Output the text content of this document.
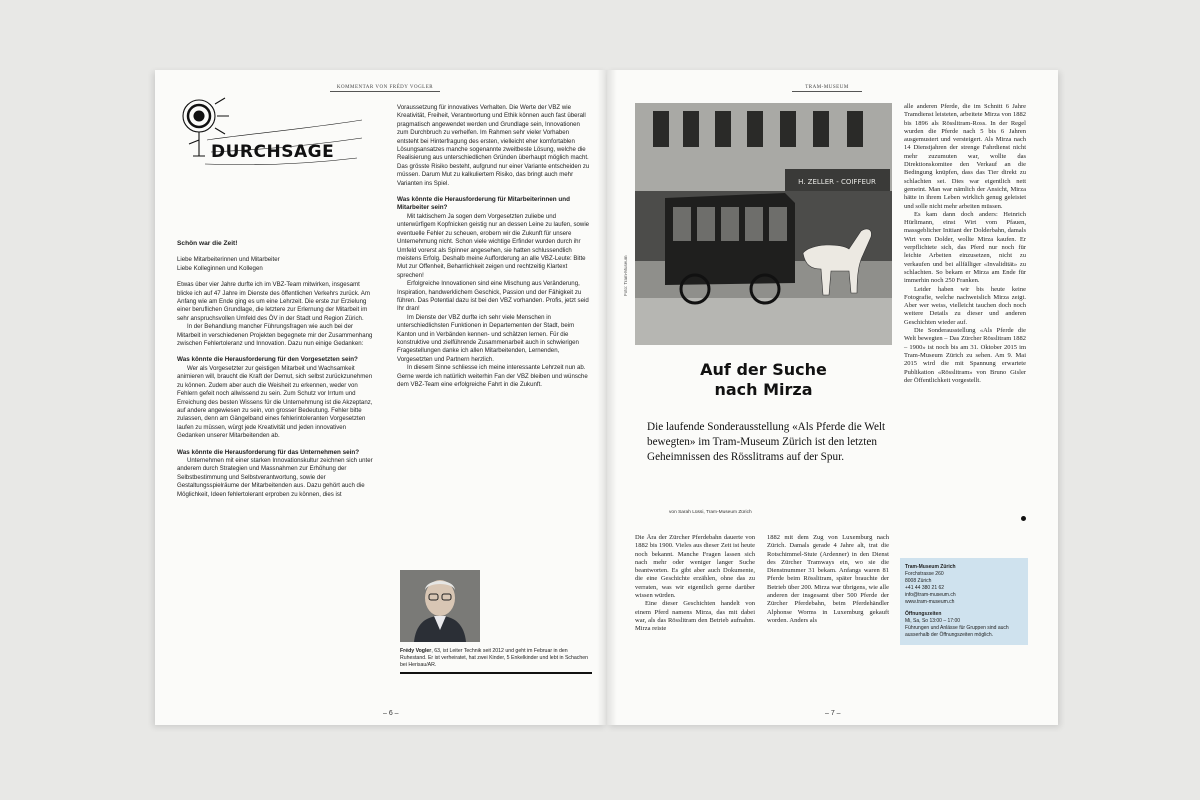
KOMMENTAR VON FRÉDY VOGLER
DURCHSAGE

Schön war die Zeit!

Liebe Mitarbeiterinnen und Mitarbeiter

Liebe Kolleginnen und Kollegen

Etwas über vier Jahre durfte ich im VBZ-Team mitwirken, insgesamt blicke ich auf 47 Jahre im Dienste des öffentlichen Verkehrs zurück. Am Anfang wie am Ende ging es um eine Lehrzeit. Die erste zur Erzielung einer beruflichen Grundlage, die letztere zur Erlernung der Mitarbeit im sehr anspruchsvollen Umfeld des ÖV in der Stadt und Region Zürich.

In der Behandlung mancher Führungsfragen wie auch bei der Mitarbeit in verschiedenen Projekten begegnete mir der Zusammenhang zwischen Fehlertoleranz und Innovation. Dazu nun einige Gedanken:

Was könnte die Herausforderung für den Vorgesetzten sein?

Wer als Vorgesetzter zur geistigen Mitarbeit und Wachsamkeit animieren will, braucht die Kraft der Demut, sich selbst zurückzunehmen zu können. Zudem aber auch die Weisheit zu erkennen, weder von Fehlern gefeit noch allwissend zu sein. Zum Schutz vor Irrtum und Erreichung des besten Wissens für die Unternehmung ist die Akzeptanz, auf andere angewiesen zu sein, von grosser Bedeutung. Fehler bitte zulassen, denn am Gängelband eines fehlerintoleranten Vorgesetzten laufen zu müssen, würgt jede Kreativität und jeden innovativen Gedanken unserer Mitarbeitenden ab.

Was könnte die Herausforderung für das Unternehmen sein?

Unternehmen mit einer starken Innovationskultur zeichnen sich unter anderem durch Strategien und Massnahmen zur Erhöhung der Selbstbestimmung und Selbstverantwortung, sowie der Gestaltungsspielräume der Mitarbeitenden aus. Dazu gehört auch die Möglichkeit, Ideen fehlertolerant erproben zu können, dies ist

Voraussetzung für innovatives Verhalten. Die Werte der VBZ wie Kreativität, Freiheit, Verantwortung und Ethik können auch fast überall pragmatisch angewendet werden und Grundlage sein, Innovationen zum Durchbruch zu verhelfen. Im Rahmen sehr vieler Vorhaben entsteht bei Hinterfragung des ersten, vielleicht eher komfortablen Lösungsansatzes manche sogenannte zweitbeste Lösung, welche die Realisierung aus unterschiedlichen Gründen überhaupt möglich macht. Das grösste Risiko besteht, aufgrund nur einer Variante entscheiden zu müssen. Darum Mut zu kalkuliertem Risiko, das bringt auch mehr Varianten ins Spiel.

Was könnte die Herausforderung für Mitarbeiterinnen und Mitarbeiter sein?

Mit taktischem Ja sogen dem Vorgesetzten zuliebe und unterwürfigem Kopfnicken geistig nur an dessen Leine zu laufen, sowie eventuelle Fehler zu scheuen, erobern wir die Zukunft für unsere Unternehmung nicht. Schon viele wichtige Erfinder wurden durch ihr Umfeld vorerst als Spinner angesehen, sie hatten schlussendlich meistens Erfolg. Deshalb meine Aufforderung an alle VBZ-Leute: Bitte Mut zur Offenheit, Beharrlichkeit zeigen und rechtzeitig Klartext sprechen!

Erfolgreiche Innovationen sind eine Mischung aus Veränderung, Inspiration, handwerklichem Geschick, Passion und der Fähigkeit zu führen. Das Potential dazu ist bei den VBZ vorhanden. Profis, jetzt seid Ihr dran!

Im Dienste der VBZ durfte ich sehr viele Menschen in unterschiedlichsten Funktionen in Departementen der Stadt, beim Kanton und in Verbänden kennen- und schätzen lernen. Für die konstruktive und zielführende Zusammenarbeit auch in schwierigen Fragestellungen danke ich allen Mitarbeitenden, Lernenden, Vorgesetzten und Partnern herzlich.

In diesem Sinne schliesse ich meine interessante Lehrzeit nun ab. Gerne werde ich natürlich weiterhin Fan der VBZ bleiben und wünsche dem VBZ-Team eine erfolgreiche Fahrt in die Zukunft.

Frédy Vogler, 63, ist Leiter Technik seit 2012 und geht im Februar in den Ruhestand. Er ist verheiratet, hat zwei Kinder, 5 Enkelkinder und lebt in Schachen bei Herisau/AR.
– 6 –
TRAM-MUSEUM
H. ZELLER - COIFFEUR
Foto: Tram-Museum
Auf der Suche
nach Mirza
Die laufende Sonderausstellung «Als Pferde die Welt bewegten» im Tram-Museum Zürich ist den letzten Geheimnissen des Rösslitrams auf der Spur.
von Sarah Lüssi, Tram-Museum Zürich

Die Ära der Zürcher Pferdebahn dauerte von 1882 bis 1900. Vieles aus dieser Zeit ist heute noch bekannt. Manche Fragen lassen sich nach mehr oder weniger langer Suche beantworten. Es gibt aber auch Dokumente, die eine Geschichte erzählen, ohne das zu verraten, was wir eigentlich gerne darüber wissen würden.

Eine dieser Geschichten handelt von einem Pferd namens Mirza, das mit dabei war, als das Rösslitram den Betrieb aufnahm. Mirza reiste

1882 mit dem Zug von Luxemburg nach Zürich. Damals gerade 4 Jahre alt, trat die Rotschimmel-Stute (Ardenner) in den Dienst des Zürcher Tramways ein, wo sie die Dienstnummer 31 bekam. Anfangs waren 81 Pferde beim Rösslitram, später brauchte der Betrieb über 200. Mirza war übrigens, wie alle anderen der insgesamt über 500 Pferde der Zürcher Pferdebahn, beim Pferdehändler Alphonse Worms in Luxemburg gekauft worden. Anders als

alle anderen Pferde, die im Schnitt 6 Jahre Tramdienst leisteten, arbeitete Mirza von 1882 bis 1896 als Rösslitram-Ross. In der Regel wurden die Pferde nach 5 bis 6 Jahren ausgemustert und versteigert. Als Mirza nach 14 Dienstjahren der strenge Fahrdienst nicht mehr zuzumuten war, wollte das Direktionskomitee den Verkauf an die Bedingung knüpfen, dass das Tier direkt zu schlachten sei. Dies war eigentlich nett gemeint. Man war nämlich der Ansicht, Mirza hätte in ihrem Leben wirklich genug geleistet und solle nicht mehr arbeiten müssen.

Es kam dann doch anders: Heinrich Hürlimann, einst Wirt vom Pfauen, massgeblicher Initiant der Dolderbahn, damals Wirt vom Dolder, wollte Mirza kaufen. Er verpflichtete sich, das Pferd nur noch für leichte Arbeiten einzusetzen, nicht zu verkaufen und bei allfälliger «Invalidität» zu schlachten. So bekam er Mirza am Ende für immerhin noch 250 Franken.

Leider haben wir bis heute keine Fotografie, welche nachweislich Mirza zeigt. Aber wer weiss, vielleicht tauchen doch noch weitere Details zu dieser und anderen Geschichten wieder auf.

Die Sonderausstellung «Als Pferde die Welt bewegten – Das Zürcher Rösslitram 1882 – 1900» ist noch bis am 31. Oktober 2015 im Tram-Museum Zürich zu sehen. Am 9. Mai 2015 wird die mit Spannung erwartete Publikation «Rösslitram» von Bruno Gisler der Öffentlichkeit vorgestellt.

Tram-Museum Zürich
Forchstrasse 260
8008 Zürich
+41 44 380 21 62
info@tram-museum.ch
www.tram-museum.ch
Öffnungszeiten
Mi, Sa, So 13:00 – 17:00
Führungen und Anlässe für Gruppen sind auch ausserhalb der Öffnungszeiten möglich.
– 7 –
